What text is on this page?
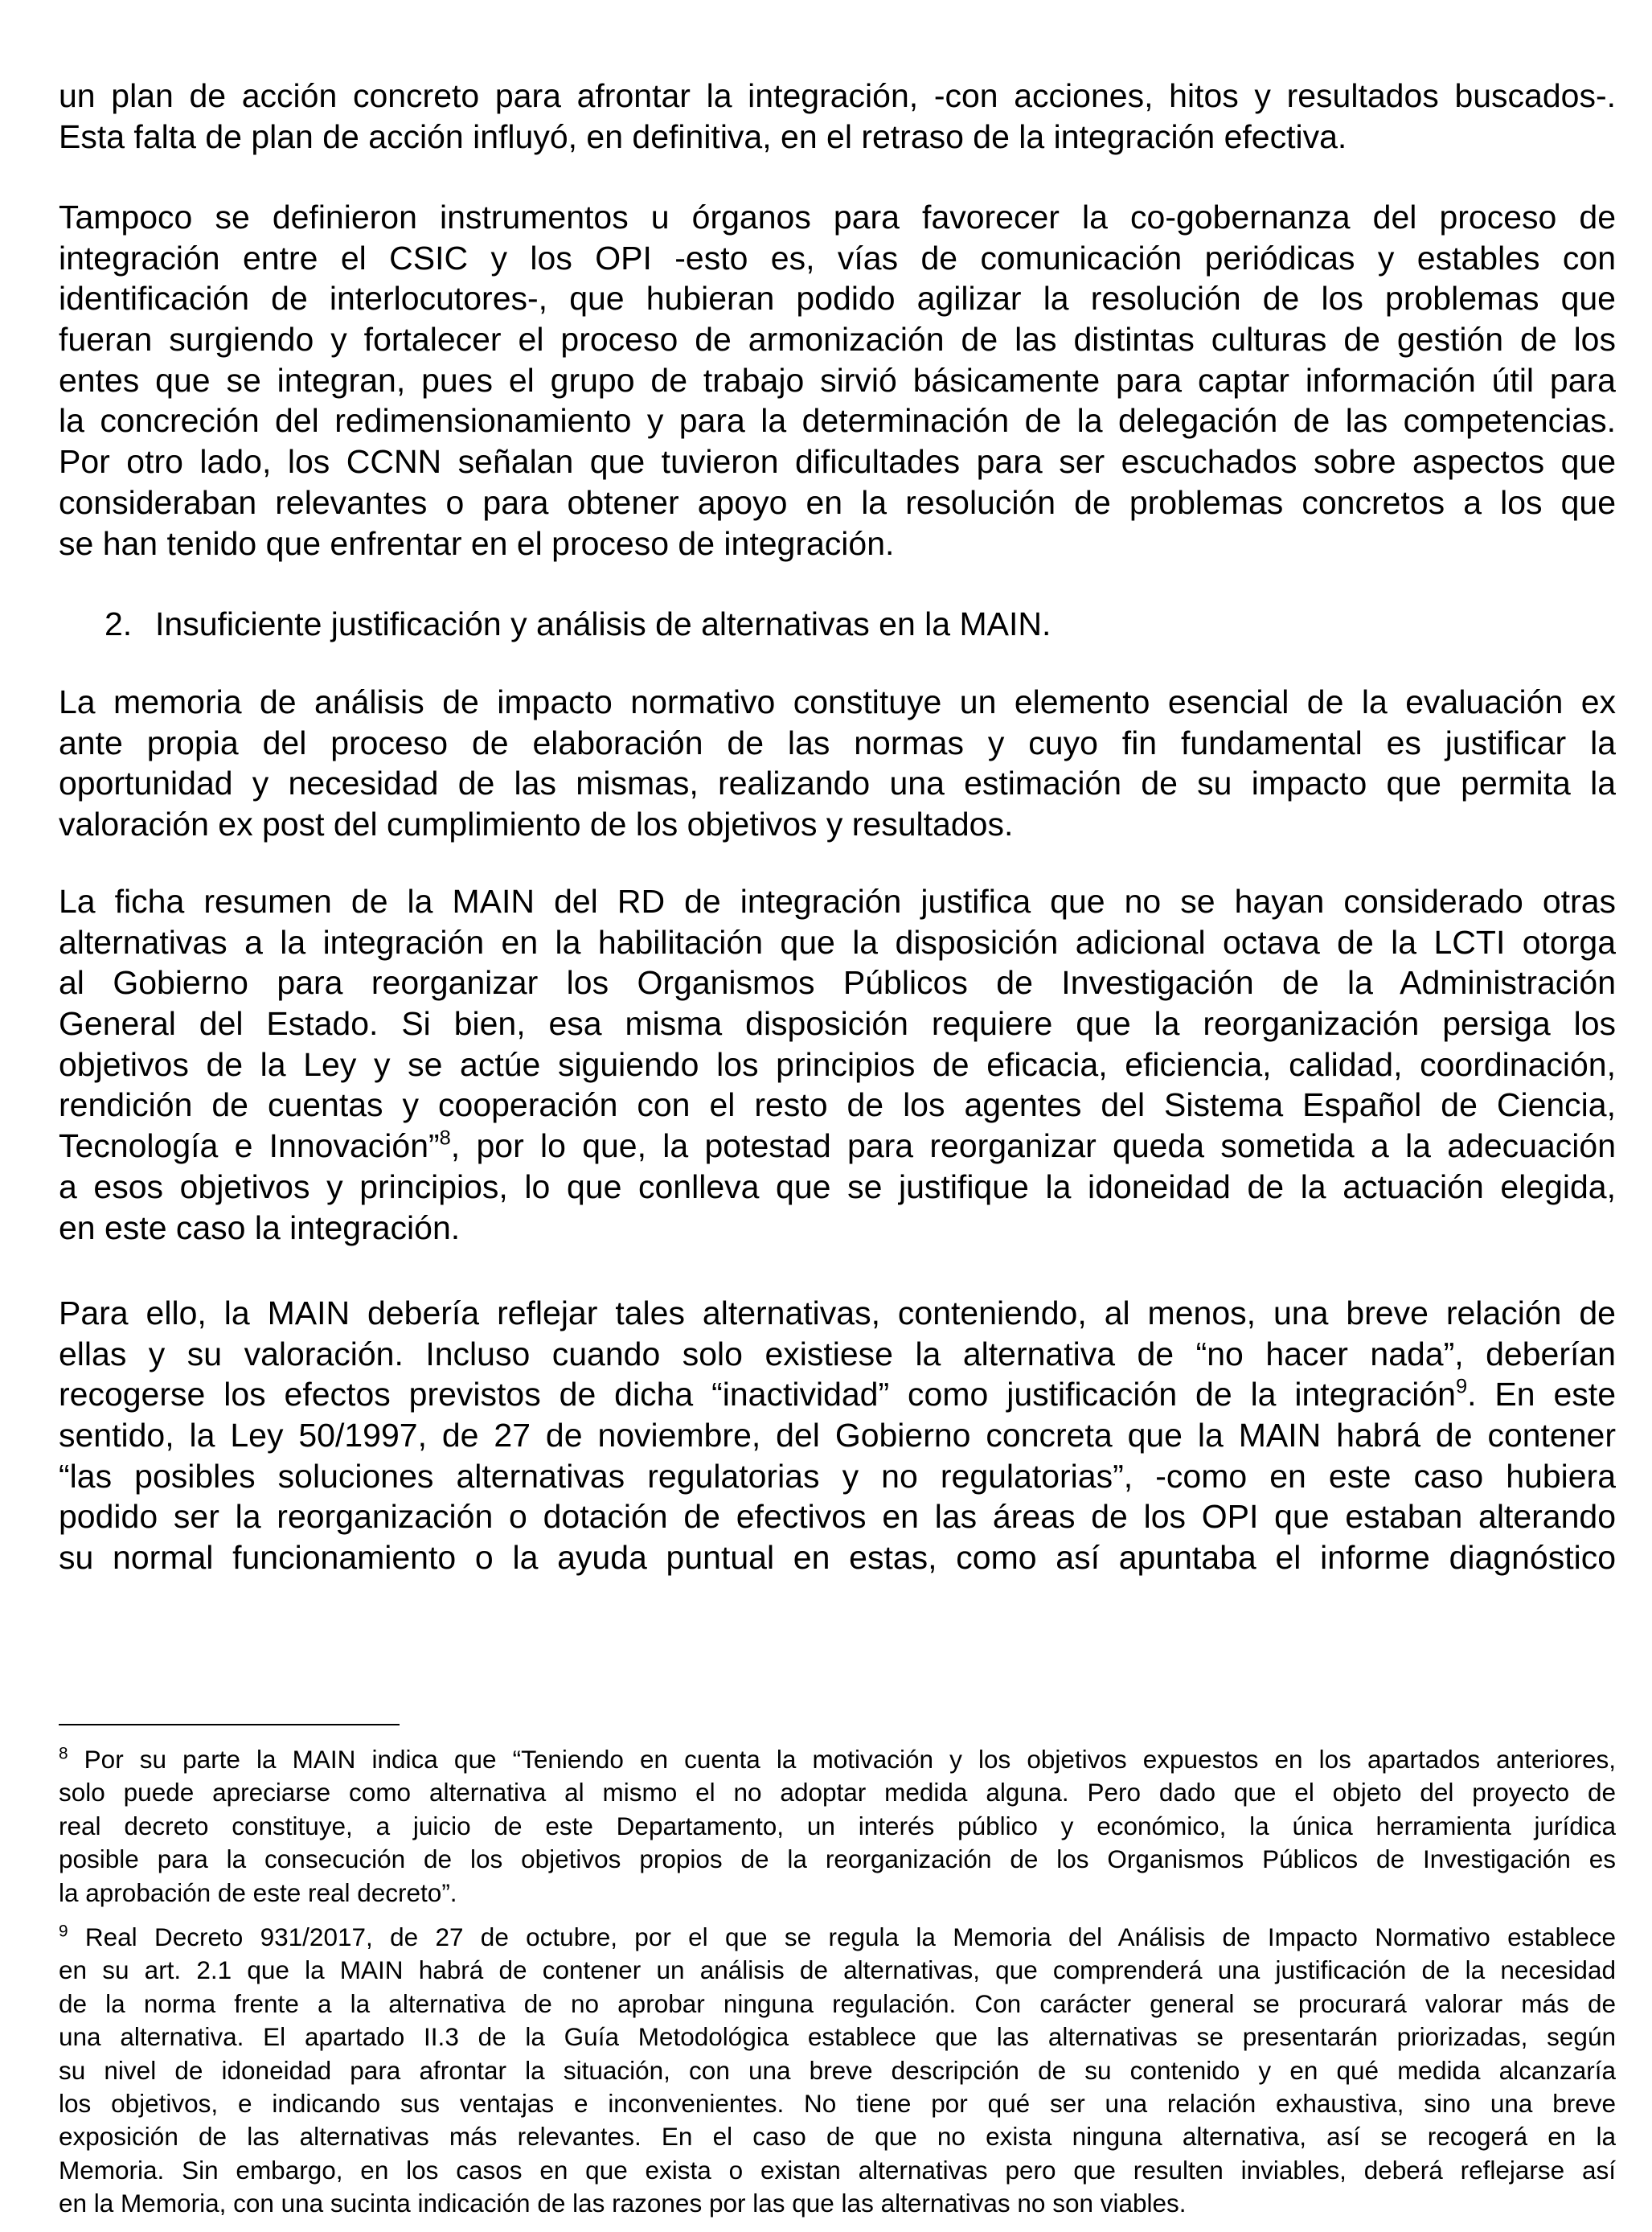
un plan de acción concreto para afrontar la integración, -con acciones, hitos y resultados buscados-.
Esta falta de plan de acción influyó, en definitiva, en el retraso de la integración efectiva.
Tampoco se definieron instrumentos u órganos para favorecer la co-gobernanza del proceso de
integración entre el CSIC y los OPI -esto es, vías de comunicación periódicas y estables con
identificación de interlocutores-, que hubieran podido agilizar la resolución de los problemas que
fueran surgiendo y fortalecer el proceso de armonización de las distintas culturas de gestión de los
entes que se integran, pues el grupo de trabajo sirvió básicamente para captar información útil para
la concreción del redimensionamiento y para la determinación de la delegación de las competencias.
Por otro lado, los CCNN señalan que tuvieron dificultades para ser escuchados sobre aspectos que
consideraban relevantes o para obtener apoyo en la resolución de problemas concretos a los que
se han tenido que enfrentar en el proceso de integración.
2. Insuficiente justificación y análisis de alternativas en la MAIN.
La memoria de análisis de impacto normativo constituye un elemento esencial de la evaluación ex
ante propia del proceso de elaboración de las normas y cuyo fin fundamental es justificar la
oportunidad y necesidad de las mismas, realizando una estimación de su impacto que permita la
valoración ex post del cumplimiento de los objetivos y resultados.
La ficha resumen de la MAIN del RD de integración justifica que no se hayan considerado otras
alternativas a la integración en la habilitación que la disposición adicional octava de la LCTI otorga
al Gobierno para reorganizar los Organismos Públicos de Investigación de la Administración
General del Estado. Si bien, esa misma disposición requiere que la reorganización persiga los
objetivos de la Ley y se actúe siguiendo los principios de eficacia, eficiencia, calidad, coordinación,
rendición de cuentas y cooperación con el resto de los agentes del Sistema Español de Ciencia,
Tecnología e Innovación”$^8$, por lo que, la potestad para reorganizar queda sometida a la adecuación
a esos objetivos y principios, lo que conlleva que se justifique la idoneidad de la actuación elegida,
en este caso la integración.
Para ello, la MAIN debería reflejar tales alternativas, conteniendo, al menos, una breve relación de
ellas y su valoración. Incluso cuando solo existiese la alternativa de “no hacer nada”, deberían
recogerse los efectos previstos de dicha “inactividad” como justificación de la integración$^9$. En este
sentido, la Ley 50/1997, de 27 de noviembre, del Gobierno concreta que la MAIN habrá de contener
“las posibles soluciones alternativas regulatorias y no regulatorias”, -como en este caso hubiera
podido ser la reorganización o dotación de efectivos en las áreas de los OPI que estaban alterando
su normal funcionamiento o la ayuda puntual en estas, como así apuntaba el informe diagnóstico
$^8$ Por su parte la MAIN indica que “Teniendo en cuenta la motivación y los objetivos expuestos en los apartados anteriores,
solo puede apreciarse como alternativa al mismo el no adoptar medida alguna. Pero dado que el objeto del proyecto de
real decreto constituye, a juicio de este Departamento, un interés público y económico, la única herramienta jurídica
posible para la consecución de los objetivos propios de la reorganización de los Organismos Públicos de Investigación es
la aprobación de este real decreto”.
$^9$ Real Decreto 931/2017, de 27 de octubre, por el que se regula la Memoria del Análisis de Impacto Normativo establece
en su art. 2.1 que la MAIN habrá de contener un análisis de alternativas, que comprenderá una justificación de la necesidad
de la norma frente a la alternativa de no aprobar ninguna regulación. Con carácter general se procurará valorar más de
una alternativa. El apartado II.3 de la Guía Metodológica establece que las alternativas se presentarán priorizadas, según
su nivel de idoneidad para afrontar la situación, con una breve descripción de su contenido y en qué medida alcanzaría
los objetivos, e indicando sus ventajas e inconvenientes. No tiene por qué ser una relación exhaustiva, sino una breve
exposición de las alternativas más relevantes. En el caso de que no exista ninguna alternativa, así se recogerá en la
Memoria. Sin embargo, en los casos en que exista o existan alternativas pero que resulten inviables, deberá reflejarse así
en la Memoria, con una sucinta indicación de las razones por las que las alternativas no son viables.
